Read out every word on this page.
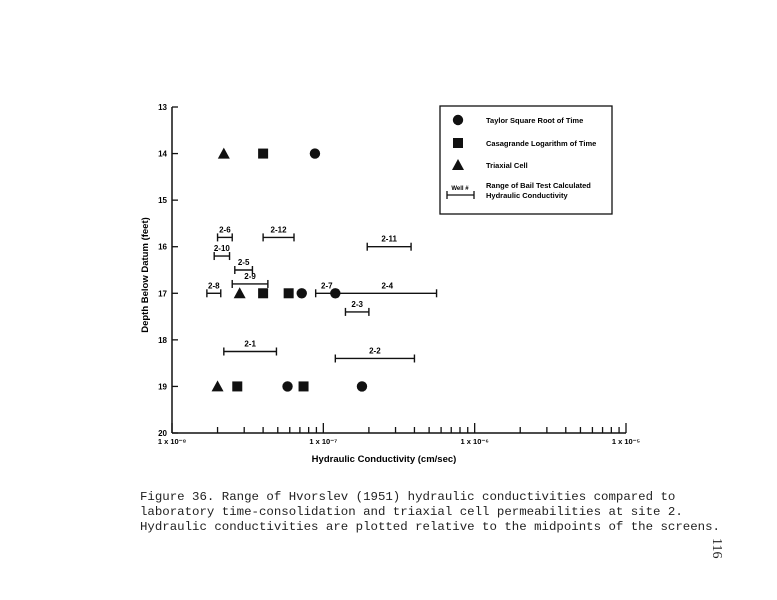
13
14
15
16
17
18
19
20
1 x 10⁻⁸	1 x 10⁻⁷	1 x 10⁻⁶	1 x 10⁻⁵
Hydraulic Conductivity (cm/sec)
Depth Below Datum (feet)	2-6	2-12
2-10
2-11
2-5
2-9
2-8	2-7	2-4
2-3
2-1
2-2
Taylor Square Root of Time
Casagrande Logarithm of Time
Triaxial Cell
Well # Range of Bail Test Calculated
Hydraulic Conductivity
Figure 36. Range of Hvorslev (1951) hydraulic conductivities compared to
laboratory time-consolidation and triaxial cell permeabilities at site 2.
Hydraulic conductivities are plotted relative to the midpoints of the screens.
116
